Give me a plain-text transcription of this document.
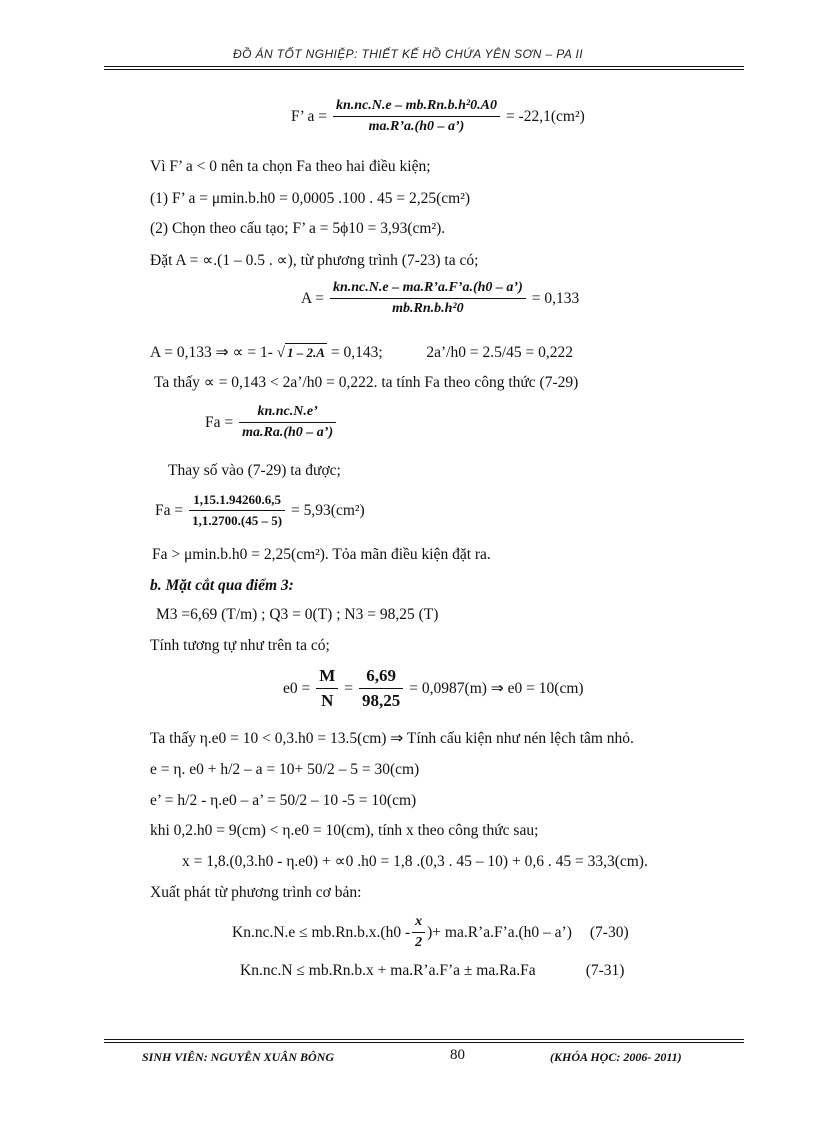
ĐỒ ÁN TỐT NGHIỆP: THIẾT KẾ HỒ CHỨA YÊN SƠN – PA II
F’ $a = \frac{\text{kn.nc.N.e – mb.Rn.b.h²0.A0}}{ma.R’a.(h0 - a’)} = -22,1(cm^2)$
Vì F’ a < 0 nên ta chọn Fa theo hai điều kiện;
(1) F’ a = μmin.b.h0 = 0,0005 .100 . 45 = 2,25(cm²)
(2) Chọn theo cấu tạo; F’ a = 5ϕ10 = 3,93(cm²).
Đặt A = ∝.(1 – 0.5 . ∝), từ phương trình (7-23) ta có;
$A = \frac{kn.nc.N.e - ma.R’a.F’a.(h0 - a’)}{\text{mb.Rn.b.h²0}} = 0,133$
A = 0,133 ⇒ ∝ = 1- √ 1 – 2.A = 0,143;	2a’/h0 = 2.5/45 = 0,222
Ta thấy ∝ = 0,143 < 2a’/h0 = 0,222. ta tính Fa theo công thức (7-29)
$Fa = \frac{kn.nc.N.e’}{ma.Ra.(h0 - a’)}$
Thay số vào (7-29) ta được;
$Fa = \frac{1,15.1.94260.6,5}{1,1.2700.(45 - 5)} = 5,93(cm^2)$
Fa > μmin.b.h0 = 2,25(cm²). Tỏa mãn điều kiện đặt ra.
b. Mặt cắt qua điểm 3:
M3 =6,69 (T/m) ; Q3 = 0(T) ; N3 = 98,25 (T)
Tính tương tự như trên ta có;
$e0 = \frac{M}{N} = \frac{6,69}{98,25} = 0,0987(m)$ ⇒ e0 = 10(cm)
Ta thấy η.e0 = 10 < 0,3.h0 = 13.5(cm) ⇒ Tính cấu kiện như nén lệch tâm nhỏ.
e = η. e0 + h/2 – a = 10+ 50/2 – 5 = 30(cm)
e’ = h/2 - η.e0 – a’ = 50/2 – 10 -5 = 10(cm)
khi 0,2.h0 = 9(cm) < η.e0 = 10(cm), tính x theo công thức sau;
x = 1,8.(0,3.h0 - η.e0) + ∝0 .h0 = 1,8 .(0,3 . 45 – 10) + 0,6 . 45 = 33,3(cm).
Xuất phát từ phương trình cơ bản:
$Kn.nc.N.e \le mb.Rn.b.x.(h0 - \frac{x}{2}$ )+ ma.R’a.F’a.(h0 – a’) (7-30)
Kn.nc.N ≤ mb.Rn.b.x + ma.R’a.F’a ± ma.Ra.Fa	(7-31)
SINH VIÊN: NGUYỄN XUÂN BÔNG	80	(KHÓA HỌC: 2006- 2011)
